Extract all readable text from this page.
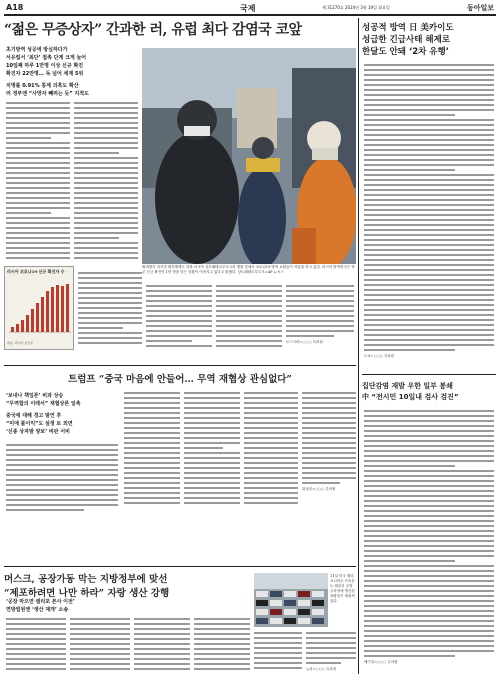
A18	국제	제 31270호 2024년 3월 19일 화요일	동아일보
“젊은 무증상자” 간과한 러, 유럽 최다 감염국 코앞
초기방역 성공에 방심하다가
서유럽서 ‘최단’ 접촉 단계 크게 늘어
10일째 하루 1만명 이상 신규 확진
확진자 22만명… 독 넘어 세계 5위
치명률 0.91% 통계 의혹도 확산
러 정부엔 “사망자 빼려는 듯” 지적도
확대방지 마시면 확진제제도 착복 러시아 상트페테르부르크의 병원 앞에서 코로나19 방역 요원들이 작업을 하고 있다. 러시아 방역당국은 하루 신규 확진이 1만 명을 넘는 상황이 이어지고 있다고 밝혔다. 상트페테르부르크=AP 뉴시스
러시아 코로나19 신규 확진자 수
자료: 러시아 보건부	모스크바=○○○ 특파원
성공적 방역 日 美카이도
성급한 긴급사태 해제로
한달도 안돼 ‘2차 유행’
도쿄=○○○ 특파원
트럼프 “중국 마음에 안들어… 무역 재협상 관심없다”
‘보내나 책임론’ 비과 상승
“무역합의 이래서” 재협상론 일축
중국에 대해 경고 발언 후
“미에 불이익”도 설정 토 외면
‘신종 상자발 양보’ 비판 서비
워싱턴=○○○ 특파원
집단감염 재발 우한 일부 봉쇄
中 “전시민 10일내 검사 검진”
베이징=○○○ 특파원
머스크, 공장가동 막는 지방정부에 맞선
“제포하려면 나만 하라” 자랑 생산 강행
‘공장 막으면 캘리포 본사 이전’
연방법원엔 ‘생산 재개’ 소송
뉴욕=○○○ 특파원
11일 미국 캘리포니아주 프리몬트 테슬라 공장 주차장에 생산된 차량들이 세워져 있다.
